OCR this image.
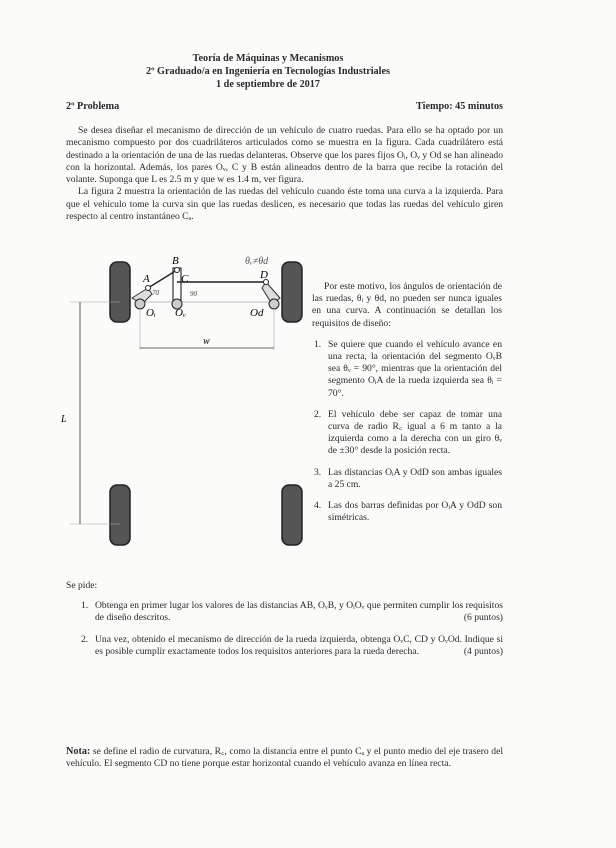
Teoría de Máquinas y Mecanismos
2º Graduado/a en Ingeniería en Tecnologías Industriales
1 de septiembre de 2017
2º Problema	Tiempo: 45 minutos

Se desea diseñar el mecanismo de dirección de un vehículo de cuatro ruedas. Para ello se ha optado por un mecanismo compuesto por dos cuadriláteros articulados como se muestra en la figura. Cada cuadrilátero está destinado a la orientación de una de las ruedas delanteras. Observe que los pares fijos Oᵢ, Oᵥ y Od se han alineado con la horizontal. Además, los pares Oᵥ, C y B están alineados dentro de la barra que recibe la rotación del volante. Suponga que L es 2.5 m y que w es 1.4 m, ver figura.

La figura 2 muestra la orientación de las ruedas del vehículo cuando éste toma una curva a la izquierda. Para que el vehículo tome la curva sin que las ruedas deslicen, es necesario que todas las ruedas del vehículo giren respecto al centro instantáneo Cₐ.

A
B
C	D
Oᵢ Oᵥ	Od
70	90
θᵥ≠θd
w
L

Por este motivo, los ángulos de orientación de las ruedas, θᵢ y θd, no pueden ser nunca iguales en una curva. A continuación se detallan los requisitos de diseño:

1. Se quiere que cuando el vehículo avance en una recta, la orientación del segmento OᵥB sea θᵥ = 90°, mientras que la orientación del segmento OᵢA de la rueda izquierda sea θᵢ = 70°.
2. El vehículo debe ser capaz de tomar una curva de radio R꜀ igual a 6 m tanto a la izquierda como a la derecha con un giro θᵥ de ±30° desde la posición recta.
3. Las distancias OᵢA y OdD son ambas iguales a 25 cm.
4. Las dos barras definidas por OᵢA y OdD son simétricas.
Se pide:
1. Obtenga en primer lugar los valores de las distancias AB, OᵥB, y OᵢOᵥ que permiten cumplir los requisitos de diseño descritos.	(6 puntos)
2. Una vez, obtenido el mecanismo de dirección de la rueda izquierda, obtenga OᵥC, CD y OᵥOd. Indique si es posible cumplir exactamente todos los requisitos anteriores para la rueda derecha.	(4 puntos)
Nota: se define el radio de curvatura, R꜀, como la distancia entre el punto Cₐ y el punto medio del eje trasero del vehículo. El segmento CD no tiene porque estar horizontal cuando el vehículo avanza en línea recta.
